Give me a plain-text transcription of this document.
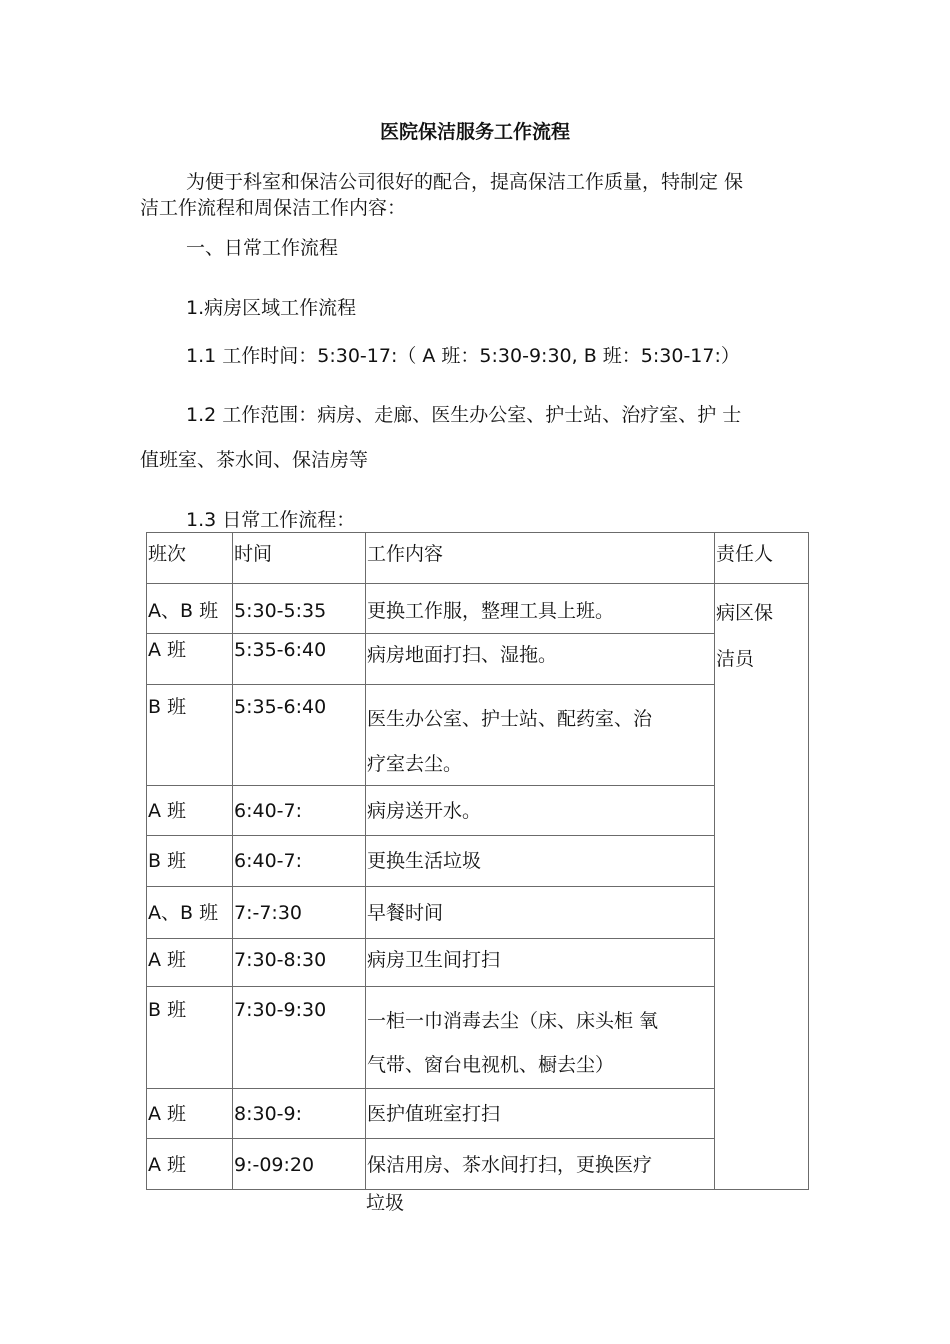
医院保洁服务工作流程
为便于科室和保洁公司很好的配合，提高保洁工作质量，特制定 保
洁工作流程和周保洁工作内容：
一、日常工作流程
1.病房区域工作流程
1.1 工作时间：5:30-17:（ A 班：5:30-9:30, B 班：5:30-17:）
1.2 工作范围：病房、走廊、医生办公室、护士站、治疗室、护 士
值班室、茶水间、保洁房等
1.3 日常工作流程：
班次	时间	工作内容	责任人

A、B 班	5:30-5:35	更换工作服，整理工具上班。	病区保
洁员

A 班	5:35-6:40	病房地面打扫、湿拖。	

B 班	5:35-6:40	医生办公室、护士站、配药室、治
疗室去尘。	

A 班	6:40-7:	病房送开水。	

B 班	6:40-7:	更换生活垃圾	

A、B 班	7:-7:30	早餐时间	

A 班	7:30-8:30	病房卫生间打扫	

B 班	7:30-9:30	一柜一巾消毒去尘（床、床头柜 氧
气带、窗台电视机、橱去尘）	

A 班	8:30-9:	医护值班室打扫	

A 班	9:-09:20	保洁用房、茶水间打扫，更换医疗	
垃圾
